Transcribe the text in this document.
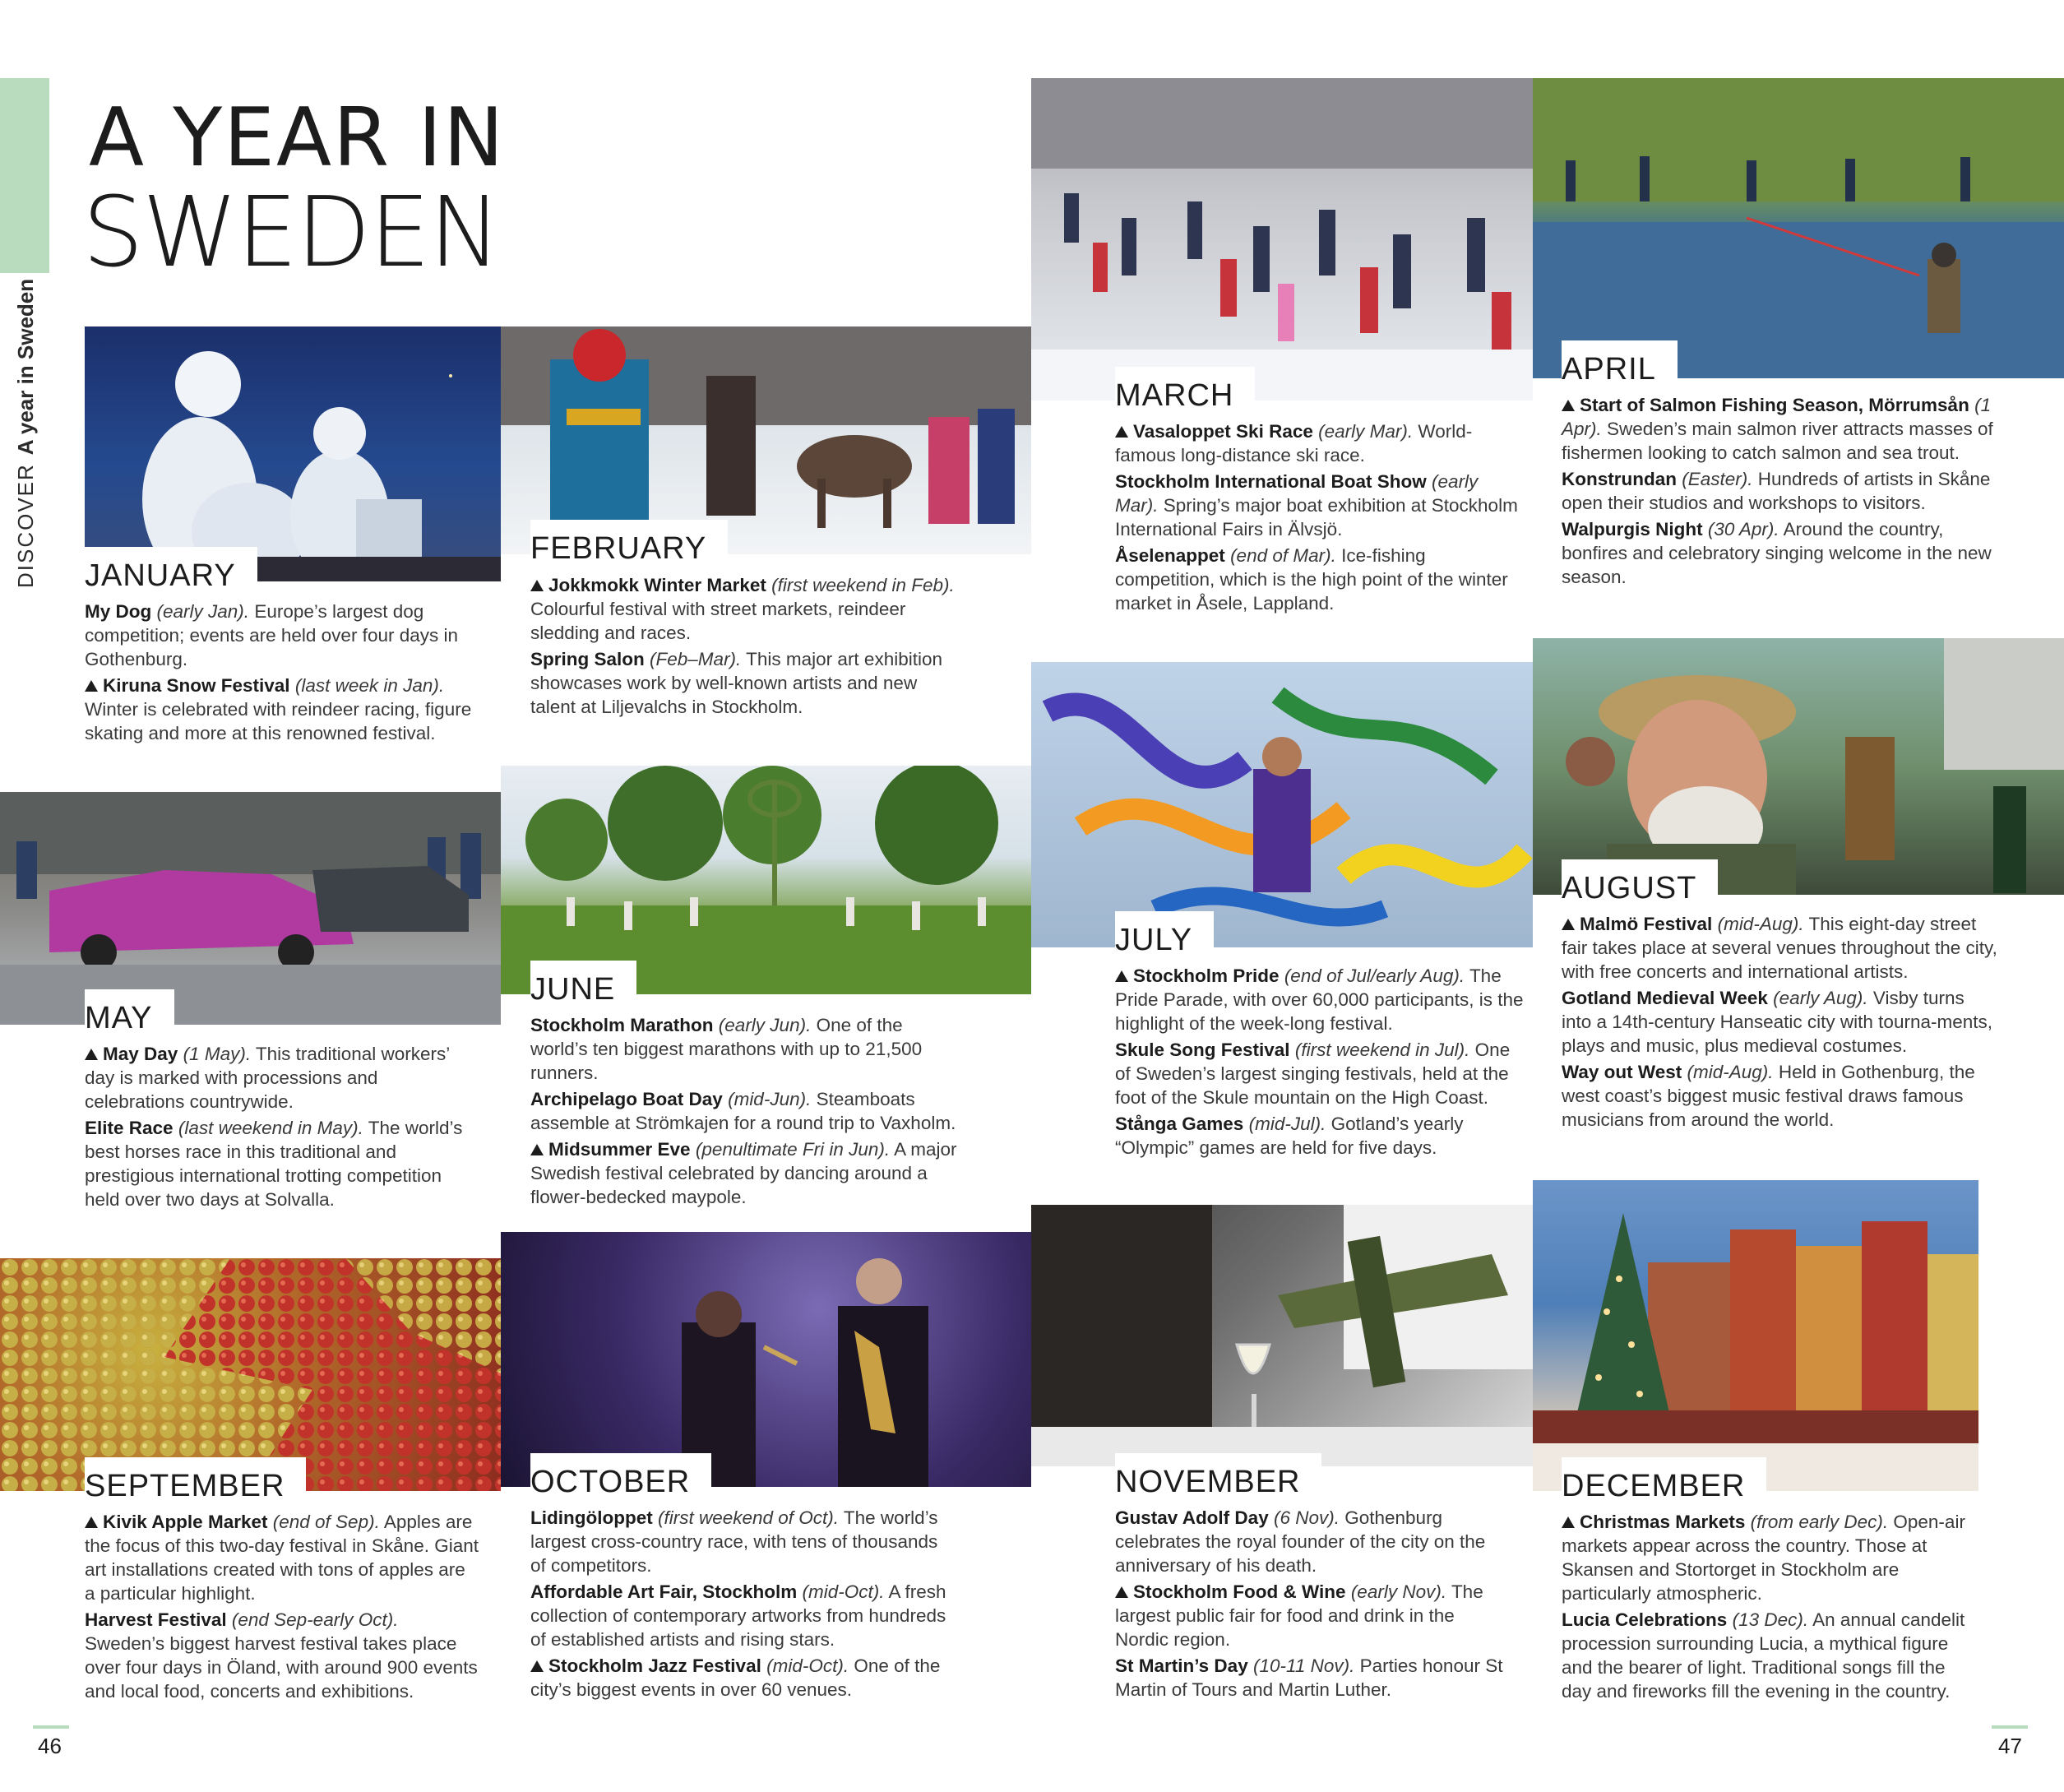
DISCOVERA year in Sweden
A YEAR IN
SWEDEN
JANUARY
FEBRUARY
MARCH
APRIL
MAY
JUNE
JULY
AUGUST
SEPTEMBER	OCTOBER	NOVEMBER	DECEMBER

My Dog (early Jan). Europe’s largest dog competition; events are held over four days in Gothenburg.

Kiruna Snow Festival (last week in Jan). Winter is celebrated with reindeer racing, figure skating and more at this renowned festival.

Jokkmokk Winter Market (first weekend in Feb). Colourful festival with street markets, reindeer sledding and races.

Spring Salon (Feb–Mar). This major art exhibition showcases work by well-known artists and new talent at Liljevalchs in Stockholm.

Vasaloppet Ski Race (early Mar). World-famous long-distance ski race.

Stockholm International Boat Show (early Mar). Spring’s major boat exhibition at Stockholm International Fairs in Älvsjö.

Åselenappet (end of Mar). Ice-fishing competition, which is the high point of the winter market in Åsele, Lappland.

Start of Salmon Fishing Season, Mörrumsån (1 Apr). Sweden’s main salmon river attracts masses of fishermen looking to catch salmon and sea trout.

Konstrundan (Easter). Hundreds of artists in Skåne open their studios and workshops to visitors.

Walpurgis Night (30 Apr). Around the country, bonfires and celebratory singing welcome in the new season.

May Day (1 May). This traditional workers’ day is marked with processions and celebrations countrywide.

Elite Race (last weekend in May). The world’s best horses race in this traditional and prestigious international trotting competition held over two days at Solvalla.

Stockholm Marathon (early Jun). One of the world’s ten biggest marathons with up to 21,500 runners.

Archipelago Boat Day (mid-Jun). Steamboats assemble at Strömkajen for a round trip to Vaxholm.

Midsummer Eve (penultimate Fri in Jun). A major Swedish festival celebrated by dancing around a flower-bedecked maypole.

Stockholm Pride (end of Jul/early Aug). The Pride Parade, with over 60,000 participants, is the highlight of the week-long festival.

Skule Song Festival (first weekend in Jul). One of Sweden’s largest singing festivals, held at the foot of the Skule mountain on the High Coast.

Stånga Games (mid-Jul). Gotland’s yearly “Olympic” games are held for five days.

Malmö Festival (mid-Aug). This eight-day street fair takes place at several venues throughout the city, with free concerts and international artists.

Gotland Medieval Week (early Aug). Visby turns into a 14th-century Hanseatic city with tourna-ments, plays and music, plus medieval costumes.

Way out West (mid-Aug). Held in Gothenburg, the west coast’s biggest music festival draws famous musicians from around the world.

Kivik Apple Market (end of Sep). Apples are the focus of this two-day festival in Skåne. Giant art installations created with tons of apples are a particular highlight.

Harvest Festival (end Sep-early Oct). Sweden’s biggest harvest festival takes place over four days in Öland, with around 900 events and local food, concerts and exhibitions.

Lidingöloppet (first weekend of Oct). The world’s largest cross-country race, with tens of thousands of competitors.

Affordable Art Fair, Stockholm (mid-Oct). A fresh collection of contemporary artworks from hundreds of established artists and rising stars.

Stockholm Jazz Festival (mid-Oct). One of the city’s biggest events in over 60 venues.

Gustav Adolf Day (6 Nov). Gothenburg celebrates the royal founder of the city on the anniversary of his death.

Stockholm Food & Wine (early Nov). The largest public fair for food and drink in the Nordic region.

St Martin’s Day (10-11 Nov). Parties honour St Martin of Tours and Martin Luther.

Christmas Markets (from early Dec). Open-air markets appear across the country. Those at Skansen and Stortorget in Stockholm are particularly atmospheric.

Lucia Celebrations (13 Dec). An annual candelit procession surrounding Lucia, a mythical figure and the bearer of light. Traditional songs fill the day and fireworks fill the evening in the country.

46	47
